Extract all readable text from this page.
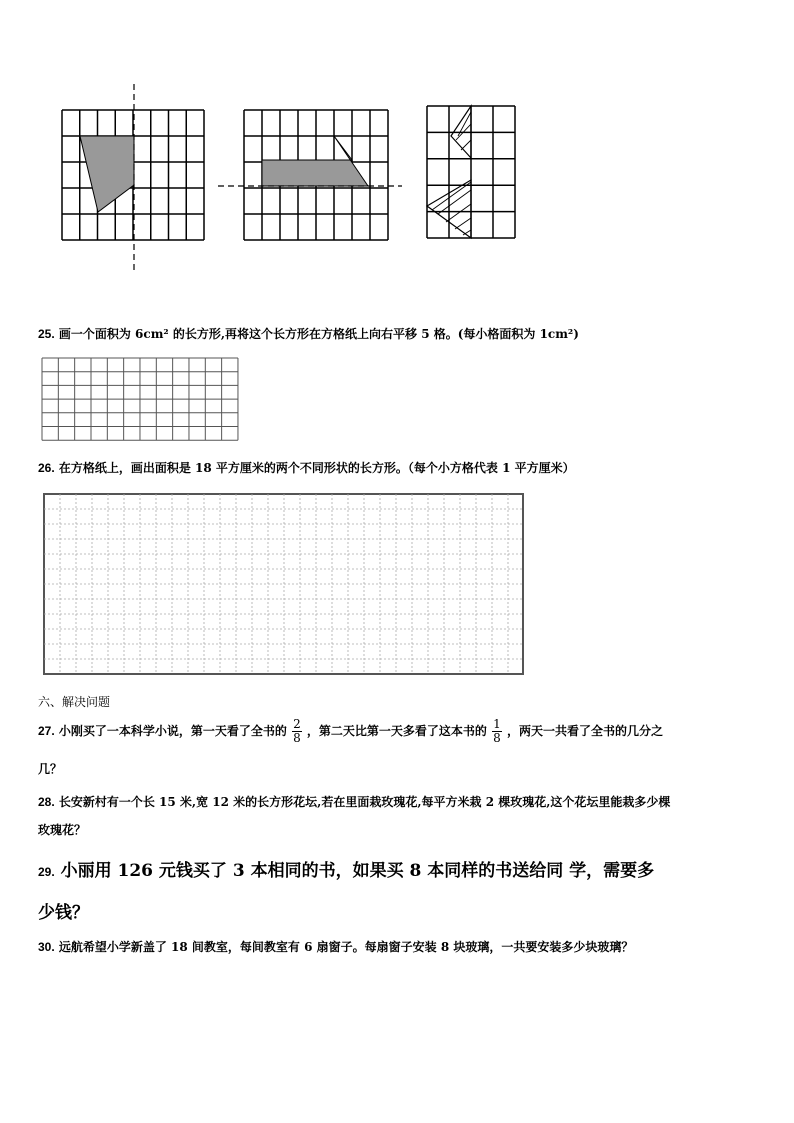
25. 画一个面积为 6cm² 的长方形,再将这个长方形在方格纸上向右平移 5 格。(每小格面积为 1cm²)
26. 在方格纸上，画出面积是 18 平方厘米的两个不同形状的长方形。（每个小方格代表 1 平方厘米）
六、解决问题
27. 小刚买了一本科学小说，第一天看了全书的 $\frac{2}{8}$ ，第二天比第一天多看了这本书的 $\frac{1}{8}$ ，两天一共看了全书的几分之
几？
28. 长安新村有一个长 15 米,宽 12 米的长方形花坛,若在里面栽玫瑰花,每平方米栽 2 棵玫瑰花,这个花坛里能栽多少棵
玫瑰花？
29. 小丽用 126 元钱买了 3 本相同的书，如果买 8 本同样的书送给同 学，需要多
少钱？
30. 远航希望小学新盖了 18 间教室，每间教室有 6 扇窗子。每扇窗子安装 8 块玻璃，一共要安装多少块玻璃？
